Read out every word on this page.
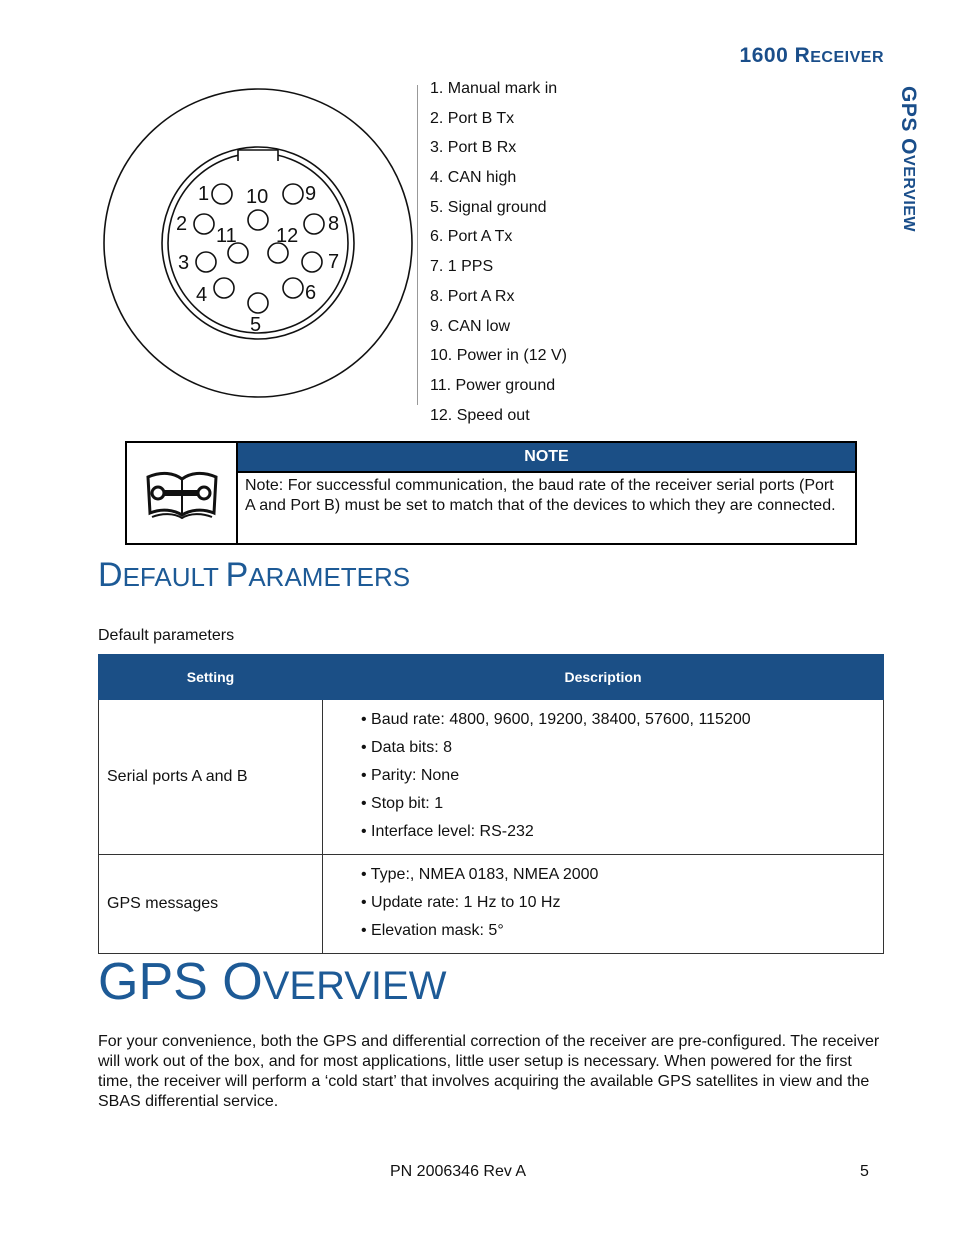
1600 RECEIVER
GPS OVERVIEW
1
2
3
4
5
6
7
8
9
10
11 12
1. Manual mark in
2. Port B Tx
3. Port B Rx
4. CAN high
5. Signal ground
6. Port A Tx
7. 1 PPS
8. Port A Rx
9. CAN low
10. Power in (12 V)
11. Power ground
12. Speed out
NOTE
Note: For successful communication, the baud rate of the receiver serial ports (Port A and Port B) must be set to match that of the devices to which they are connected.
DEFAULT PARAMETERS
Default parameters
Setting	Description
Serial ports A and B	• Baud rate: 4800, 9600, 19200, 38400, 57600, 115200
• Data bits: 8
• Parity: None
• Stop bit: 1
• Interface level: RS-232

GPS messages	• Type:, NMEA 0183, NMEA 2000
• Update rate: 1 Hz to 10 Hz
• Elevation mask: 5°
GPS OVERVIEW
For your convenience, both the GPS and differential correction of the receiver are pre-configured. The receiver will work out of the box, and for most applications, little user setup is necessary. When powered for the first time, the receiver will perform a ‘cold start’ that involves acquiring the available GPS satellites in view and the SBAS differential service.
PN 2006346 Rev A	5
